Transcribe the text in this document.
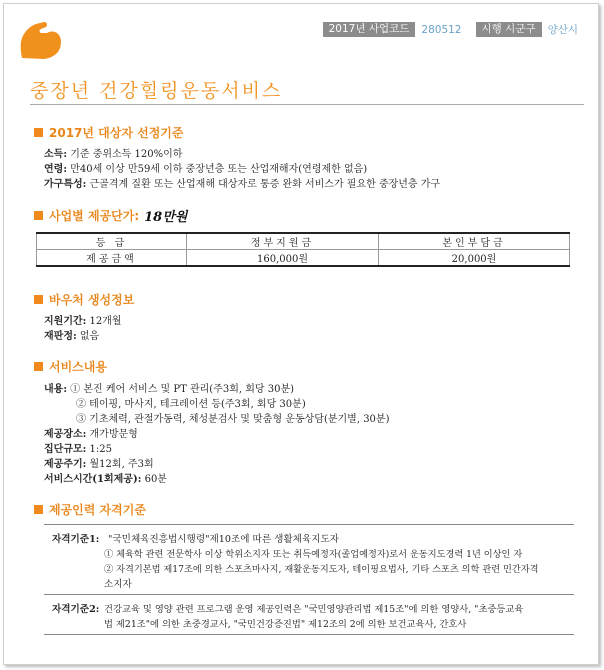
2017년 사업코드	280512	시행 시군구	양산시
중장년 건강힐링운동서비스
2017년 대상자 선정기준
소득: 기준 중위소득 120%이하
연령: 만40세 이상 만59세 이하 중장년층 또는 산업재해자(연령제한 없음)
가구특성: 근골격계 질환 또는 산업재해 대상자로 통증 완화 서비스가 필요한 중장년층 가구
사업별 제공단가: 18만원
등 급	정부지원금	본인부담금
제공금액	160,000원	20,000원
바우처 생성정보
지원기간: 12개월
재판정: 없음
서비스내용
내용: ① 본진 케어 서비스 및 PT 관리(주3회, 회당 30분)
② 테이핑, 마사지, 테크레이션 등(주3회, 회당 30분)
③ 기초체력, 관절가동력, 체성분검사 및 맞춤형 운동상담(분기별, 30분)
제공장소: 개가방문형
집단규모: 1:25
제공주기: 월12회, 주3회
서비스시간(1회제공): 60분
제공인력 자격기준
자격기준1: "국민체육진흥법시행령"제10조에 따른 생활체육지도자
① 체육학 관련 전문학사 이상 학위소지자 또는 취득예정자(졸업예정자)로서 운동지도경력 1년 이상인 자
② 자격기본법 제17조에 의한 스포츠마사지, 재활운동지도자, 테이핑요법사, 기타 스포츠 의학 관련 민간자격
소지자
자격기준2: 건강교육 및 영양 관련 프로그램 운영 제공인력은 "국민영양관리법 제15조"에 의한 영양사, "초중등교육
법 제21조"에 의한 초중경교사, "국민건강증진법" 제12조의 2에 의한 보건교육사, 간호사
